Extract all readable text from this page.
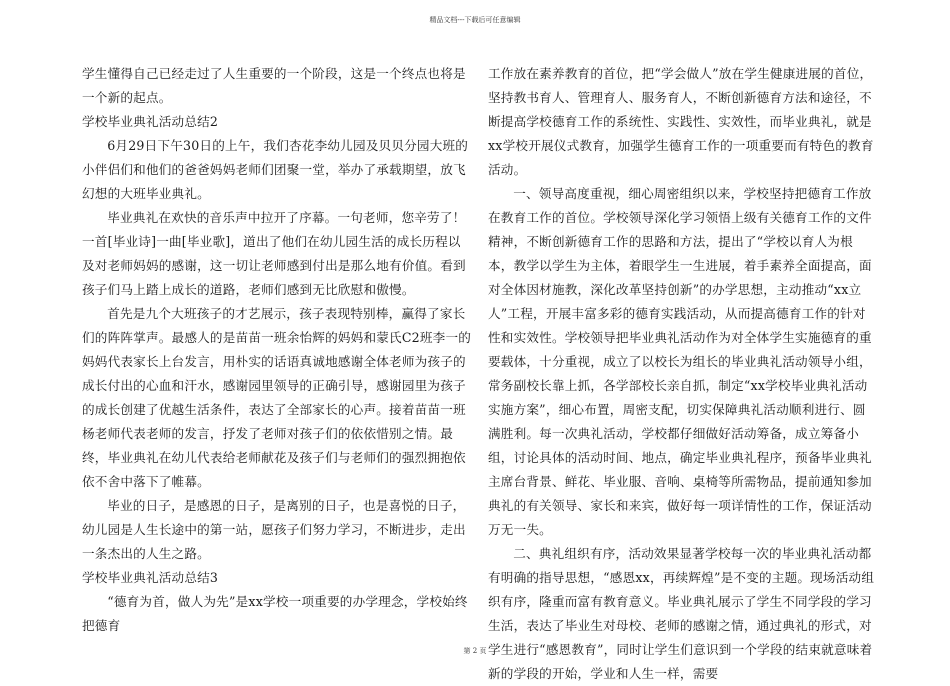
精品文档---下载后可任意编辑

学生懂得自己已经走过了人生重要的一个阶段，这是一个终点也将是一个新的起点。

学校毕业典礼活动总结2

6月29日下午30日的上午，我们杏花李幼儿园及贝贝分园大班的小伴侣们和他们的爸爸妈妈老师们团聚一堂，举办了承载期望，放飞幻想的大班毕业典礼。

毕业典礼在欢快的音乐声中拉开了序幕。一句老师，您辛劳了！一首[毕业诗]一曲[毕业歌]，道出了他们在幼儿园生活的成长历程以及对老师妈妈的感谢，这一切让老师感到付出是那么地有价值。看到孩子们马上踏上成长的道路，老师们感到无比欣慰和傲慢。

首先是九个大班孩子的才艺展示，孩子表现特别棒，赢得了家长们的阵阵掌声。最感人的是苗苗一班余怡辉的妈妈和蒙氏C2班李一的妈妈代表家长上台发言，用朴实的话语真诚地感谢全体老师为孩子的成长付出的心血和汗水，感谢园里领导的正确引导，感谢园里为孩子的成长创建了优越生活条件，表达了全部家长的心声。接着苗苗一班杨老师代表老师的发言，抒发了老师对孩子们的依依惜别之情。最终，毕业典礼在幼儿代表给老师献花及孩子们与老师们的强烈拥抱依依不舍中落下了帷幕。

毕业的日子，是感恩的日子，是离别的日子，也是喜悦的日子，幼儿园是人生长途中的第一站，愿孩子们努力学习，不断进步，走出一条杰出的人生之路。

学校毕业典礼活动总结3

“德育为首，做人为先”是xx学校一项重要的办学理念，学校始终把德育

工作放在素养教育的首位，把“学会做人”放在学生健康进展的首位，坚持教书育人、管理育人、服务育人，不断创新德育方法和途径，不断提高学校德育工作的系统性、实践性、实效性，而毕业典礼，就是xx学校开展仪式教育，加强学生德育工作的一项重要而有特色的教育活动。

一、领导高度重视，细心周密组织以来，学校坚持把德育工作放在教育工作的首位。学校领导深化学习领悟上级有关德育工作的文件精神，不断创新德育工作的思路和方法，提出了“学校以育人为根本，教学以学生为主体，着眼学生一生进展，着手素养全面提高，面对全体因材施教，深化改革坚持创新”的办学思想，主动推动“xx立人”工程，开展丰富多彩的德育实践活动，从而提高德育工作的针对性和实效性。学校领导把毕业典礼活动作为对全体学生实施德育的重要载体，十分重视，成立了以校长为组长的毕业典礼活动领导小组，常务副校长靠上抓，各学部校长亲自抓，制定“xx学校毕业典礼活动实施方案”，细心布置，周密支配，切实保障典礼活动顺利进行、圆满胜利。每一次典礼活动，学校都仔细做好活动筹备，成立筹备小组，讨论具体的活动时间、地点，确定毕业典礼程序，预备毕业典礼主席台背景、鲜花、毕业服、音响、桌椅等所需物品，提前通知参加典礼的有关领导、家长和来宾，做好每一项详情性的工作，保证活动万无一失。

二、典礼组织有序，活动效果显著学校每一次的毕业典礼活动都有明确的指导思想，“感恩xx，再续辉煌”是不变的主题。现场活动组织有序，隆重而富有教育意义。毕业典礼展示了学生不同学段的学习生活，表达了毕业生对母校、老师的感谢之情，通过典礼的形式，对学生进行“感恩教育”，同时让学生们意识到一个学段的结束就意味着新的学段的开始，学业和人生一样，需要

第 2 页
